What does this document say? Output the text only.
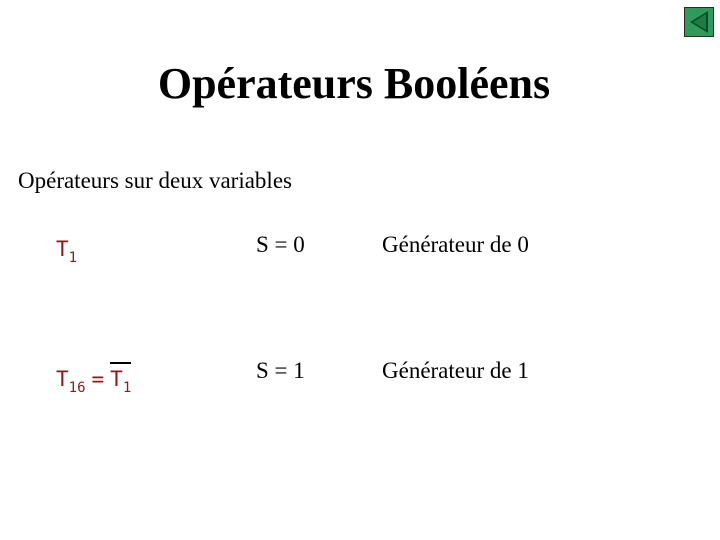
Opérateurs Booléens
Opérateurs sur deux variables
$T_1$
S = 0	Générateur de 0
$T_{16} = T_1$
S = 1	Générateur de 1
